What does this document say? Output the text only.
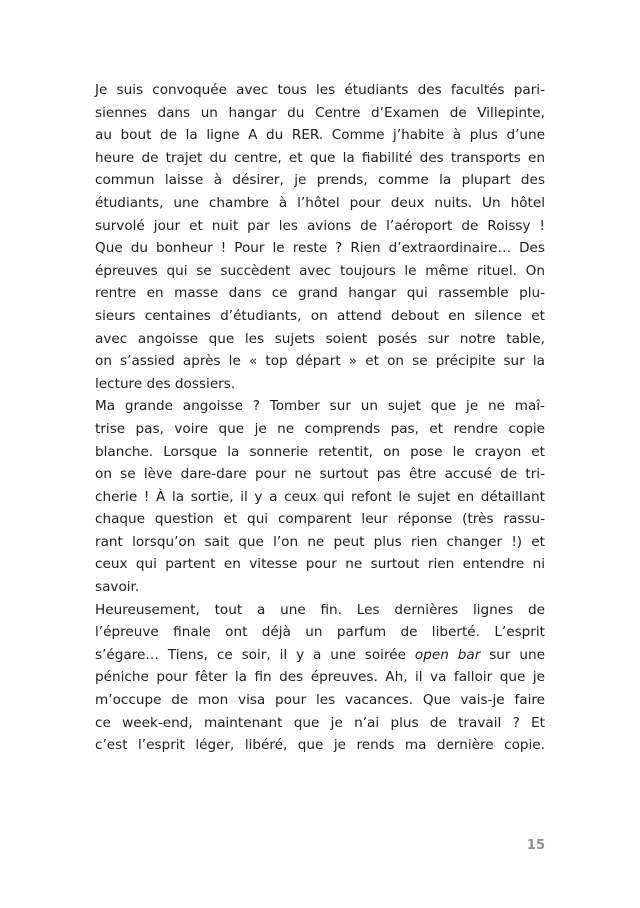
Je suis convoquée avec tous les étudiants des facultés pari-
siennes dans un hangar du Centre d’Examen de Villepinte,
au bout de la ligne A du RER. Comme j’habite à plus d’une
heure de trajet du centre, et que la fiabilité des transports en
commun laisse à désirer, je prends, comme la plupart des
étudiants, une chambre à l’hôtel pour deux nuits. Un hôtel
survolé jour et nuit par les avions de l’aéroport de Roissy !
Que du bonheur ! Pour le reste ? Rien d’extraordinaire… Des
épreuves qui se succèdent avec toujours le même rituel. On
rentre en masse dans ce grand hangar qui rassemble plu-
sieurs centaines d’étudiants, on attend debout en silence et
avec angoisse que les sujets soient posés sur notre table,
on s’assied après le « top départ » et on se précipite sur la
lecture des dossiers.
Ma grande angoisse ? Tomber sur un sujet que je ne maî-
trise pas, voire que je ne comprends pas, et rendre copie
blanche. Lorsque la sonnerie retentit, on pose le crayon et
on se lève dare-dare pour ne surtout pas être accusé de tri-
cherie ! À la sortie, il y a ceux qui refont le sujet en détaillant
chaque question et qui comparent leur réponse (très rassu-
rant lorsqu’on sait que l’on ne peut plus rien changer !) et
ceux qui partent en vitesse pour ne surtout rien entendre ni
savoir.
Heureusement, tout a une fin. Les dernières lignes de
l’épreuve finale ont déjà un parfum de liberté. L’esprit
s’égare… Tiens, ce soir, il y a une soirée open bar sur une
péniche pour fêter la fin des épreuves. Ah, il va falloir que je
m’occupe de mon visa pour les vacances. Que vais-je faire
ce week-end, maintenant que je n’ai plus de travail ? Et
c’est l’esprit léger, libéré, que je rends ma dernière copie.
15
